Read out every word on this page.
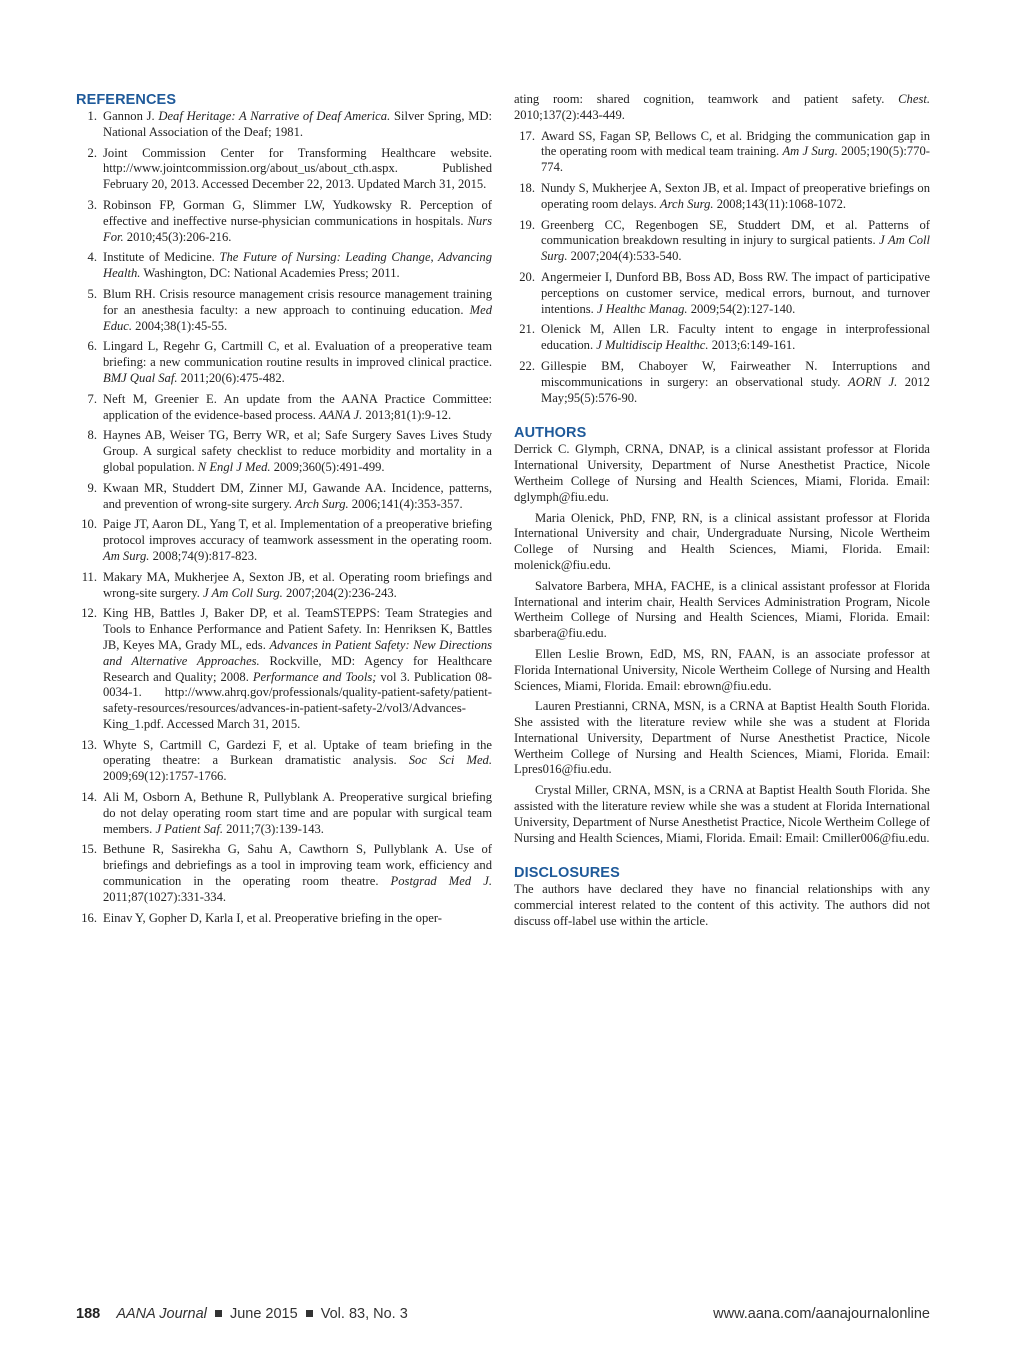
REFERENCES
1. Gannon J. Deaf Heritage: A Narrative of Deaf America. Silver Spring, MD: National Association of the Deaf; 1981.
2. Joint Commission Center for Transforming Healthcare website. http://www.jointcommission.org/about_us/about_cth.aspx. Published February 20, 2013. Accessed December 22, 2013. Updated March 31, 2015.
3. Robinson FP, Gorman G, Slimmer LW, Yudkowsky R. Perception of effective and ineffective nurse-physician communications in hospitals. Nurs For. 2010;45(3):206-216.
4. Institute of Medicine. The Future of Nursing: Leading Change, Advancing Health. Washington, DC: National Academies Press; 2011.
5. Blum RH. Crisis resource management crisis resource management training for an anesthesia faculty: a new approach to continuing education. Med Educ. 2004;38(1):45-55.
6. Lingard L, Regehr G, Cartmill C, et al. Evaluation of a preoperative team briefing: a new communication routine results in improved clinical practice. BMJ Qual Saf. 2011;20(6):475-482.
7. Neft M, Greenier E. An update from the AANA Practice Committee: application of the evidence-based process. AANA J. 2013;81(1):9-12.
8. Haynes AB, Weiser TG, Berry WR, et al; Safe Surgery Saves Lives Study Group. A surgical safety checklist to reduce morbidity and mortality in a global population. N Engl J Med. 2009;360(5):491-499.
9. Kwaan MR, Studdert DM, Zinner MJ, Gawande AA. Incidence, patterns, and prevention of wrong-site surgery. Arch Surg. 2006;141(4):353-357.
10. Paige JT, Aaron DL, Yang T, et al. Implementation of a preoperative briefing protocol improves accuracy of teamwork assessment in the operating room. Am Surg. 2008;74(9):817-823.
11. Makary MA, Mukherjee A, Sexton JB, et al. Operating room briefings and wrong-site surgery. J Am Coll Surg. 2007;204(2):236-243.
12. King HB, Battles J, Baker DP, et al. TeamSTEPPS: Team Strategies and Tools to Enhance Performance and Patient Safety. In: Henriksen K, Battles JB, Keyes MA, Grady ML, eds. Advances in Patient Safety: New Directions and Alternative Approaches. Rockville, MD: Agency for Healthcare Research and Quality; 2008. Performance and Tools; vol 3. Publication 08-0034-1. http://www.ahrq.gov/professionals/quality-patient-safety/patient-safety-resources/resources/advances-in-patient-safety-2/vol3/Advances-King_1.pdf. Accessed March 31, 2015.
13. Whyte S, Cartmill C, Gardezi F, et al. Uptake of team briefing in the operating theatre: a Burkean dramatistic analysis. Soc Sci Med. 2009;69(12):1757-1766.
14. Ali M, Osborn A, Bethune R, Pullyblank A. Preoperative surgical briefing do not delay operating room start time and are popular with surgical team members. J Patient Saf. 2011;7(3):139-143.
15. Bethune R, Sasirekha G, Sahu A, Cawthorn S, Pullyblank A. Use of briefings and debriefings as a tool in improving team work, efficiency and communication in the operating room theatre. Postgrad Med J. 2011;87(1027):331-334.
16. Einav Y, Gopher D, Karla I, et al. Preoperative briefing in the oper-
ating room: shared cognition, teamwork and patient safety. Chest. 2010;137(2):443-449.
17. Award SS, Fagan SP, Bellows C, et al. Bridging the communication gap in the operating room with medical team training. Am J Surg. 2005;190(5):770-774.
18. Nundy S, Mukherjee A, Sexton JB, et al. Impact of preoperative briefings on operating room delays. Arch Surg. 2008;143(11):1068-1072.
19. Greenberg CC, Regenbogen SE, Studdert DM, et al. Patterns of communication breakdown resulting in injury to surgical patients. J Am Coll Surg. 2007;204(4):533-540.
20. Angermeier I, Dunford BB, Boss AD, Boss RW. The impact of participative perceptions on customer service, medical errors, burnout, and turnover intentions. J Healthc Manag. 2009;54(2):127-140.
21. Olenick M, Allen LR. Faculty intent to engage in interprofessional education. J Multidiscip Healthc. 2013;6:149-161.
22. Gillespie BM, Chaboyer W, Fairweather N. Interruptions and miscommunications in surgery: an observational study. AORN J. 2012 May;95(5):576-90.
AUTHORS

Derrick C. Glymph, CRNA, DNAP, is a clinical assistant professor at Florida International University, Department of Nurse Anesthetist Practice, Nicole Wertheim College of Nursing and Health Sciences, Miami, Florida. Email: dglymph@fiu.edu.

Maria Olenick, PhD, FNP, RN, is a clinical assistant professor at Florida International University and chair, Undergraduate Nursing, Nicole Wertheim College of Nursing and Health Sciences, Miami, Florida. Email: molenick@fiu.edu.

Salvatore Barbera, MHA, FACHE, is a clinical assistant professor at Florida International and interim chair, Health Services Administration Program, Nicole Wertheim College of Nursing and Health Sciences, Miami, Florida. Email: sbarbera@fiu.edu.

Ellen Leslie Brown, EdD, MS, RN, FAAN, is an associate professor at Florida International University, Nicole Wertheim College of Nursing and Health Sciences, Miami, Florida. Email: ebrown@fiu.edu.

Lauren Prestianni, CRNA, MSN, is a CRNA at Baptist Health South Florida. She assisted with the literature review while she was a student at Florida International University, Department of Nurse Anesthetist Practice, Nicole Wertheim College of Nursing and Health Sciences, Miami, Florida. Email: Lpres016@fiu.edu.

Crystal Miller, CRNA, MSN, is a CRNA at Baptist Health South Florida. She assisted with the literature review while she was a student at Florida International University, Department of Nurse Anesthetist Practice, Nicole Wertheim College of Nursing and Health Sciences, Miami, Florida. Email: Email: Cmiller006@fiu.edu.

DISCLOSURES

The authors have declared they have no financial relationships with any commercial interest related to the content of this activity. The authors did not discuss off-label use within the article.

188 AANA Journal June 2015 Vol. 83, No. 3	www.aana.com/aanajournalonline
